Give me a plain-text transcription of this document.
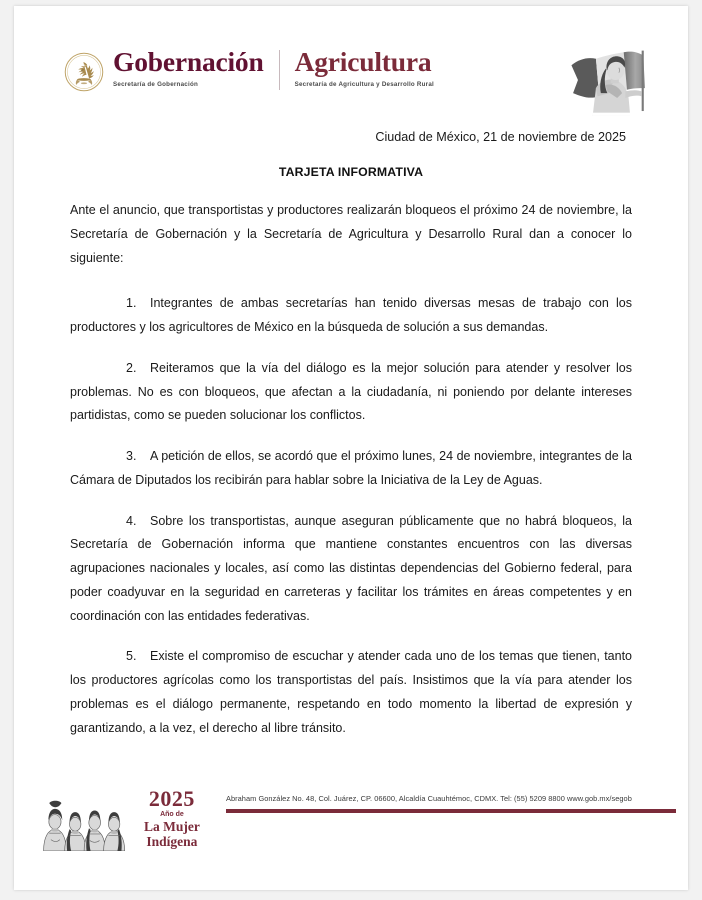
Gobernación
Secretaría de Gobernación
Agricultura
Secretaría de Agricultura y Desarrollo Rural

Ciudad de México, 21 de noviembre de 2025

TARJETA INFORMATIVA

Ante el anuncio, que transportistas y productores realizarán bloqueos el próximo 24 de noviembre, la Secretaría de Gobernación y la Secretaría de Agricultura y Desarrollo Rural dan a conocer lo siguiente:

1. Integrantes de ambas secretarías han tenido diversas mesas de trabajo con los productores y los agricultores de México en la búsqueda de solución a sus demandas.

2. Reiteramos que la vía del diálogo es la mejor solución para atender y resolver los problemas. No es con bloqueos, que afectan a la ciudadanía, ni poniendo por delante intereses partidistas, como se pueden solucionar los conflictos.

3. A petición de ellos, se acordó que el próximo lunes, 24 de noviembre, integrantes de la Cámara de Diputados los recibirán para hablar sobre la Iniciativa de la Ley de Aguas.

4. Sobre los transportistas, aunque aseguran públicamente que no habrá bloqueos, la Secretaría de Gobernación informa que mantiene constantes encuentros con las diversas agrupaciones nacionales y locales, así como las distintas dependencias del Gobierno federal, para poder coadyuvar en la seguridad en carreteras y facilitar los trámites en áreas competentes y en coordinación con las entidades federativas.

5. Existe el compromiso de escuchar y atender cada uno de los temas que tienen, tanto los productores agrícolas como los transportistas del país. Insistimos que la vía para atender los problemas es el diálogo permanente, respetando en todo momento la libertad de expresión y garantizando, a la vez, el derecho al libre tránsito.

2025
Año de
La Mujer
Indígena
Abraham González No. 48, Col. Juárez, CP. 06600, Alcaldía Cuauhtémoc, CDMX. Tel: (55) 5209 8800 www.gob.mx/segob
